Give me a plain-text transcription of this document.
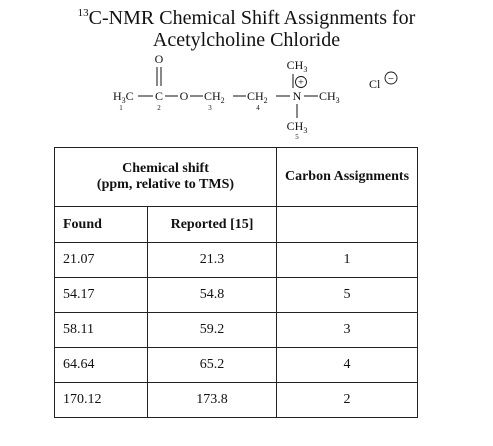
$^{13}$C-NMR Chemical Shift Assignments for
Acetylcholine Chloride
O
$H_3C$ C O $CH_2$ $CH_2$ N $CH_3$
$CH_3$
+
$CH_3$
Cl −
1	2	3	4
5
Chemical shift
(ppm, relative to TMS)		Carbon Assignments
Found	Reported [15]	
21.07	21.3	1
54.17	54.8	5
58.11	59.2	3
64.64	65.2	4
170.12	173.8	2
